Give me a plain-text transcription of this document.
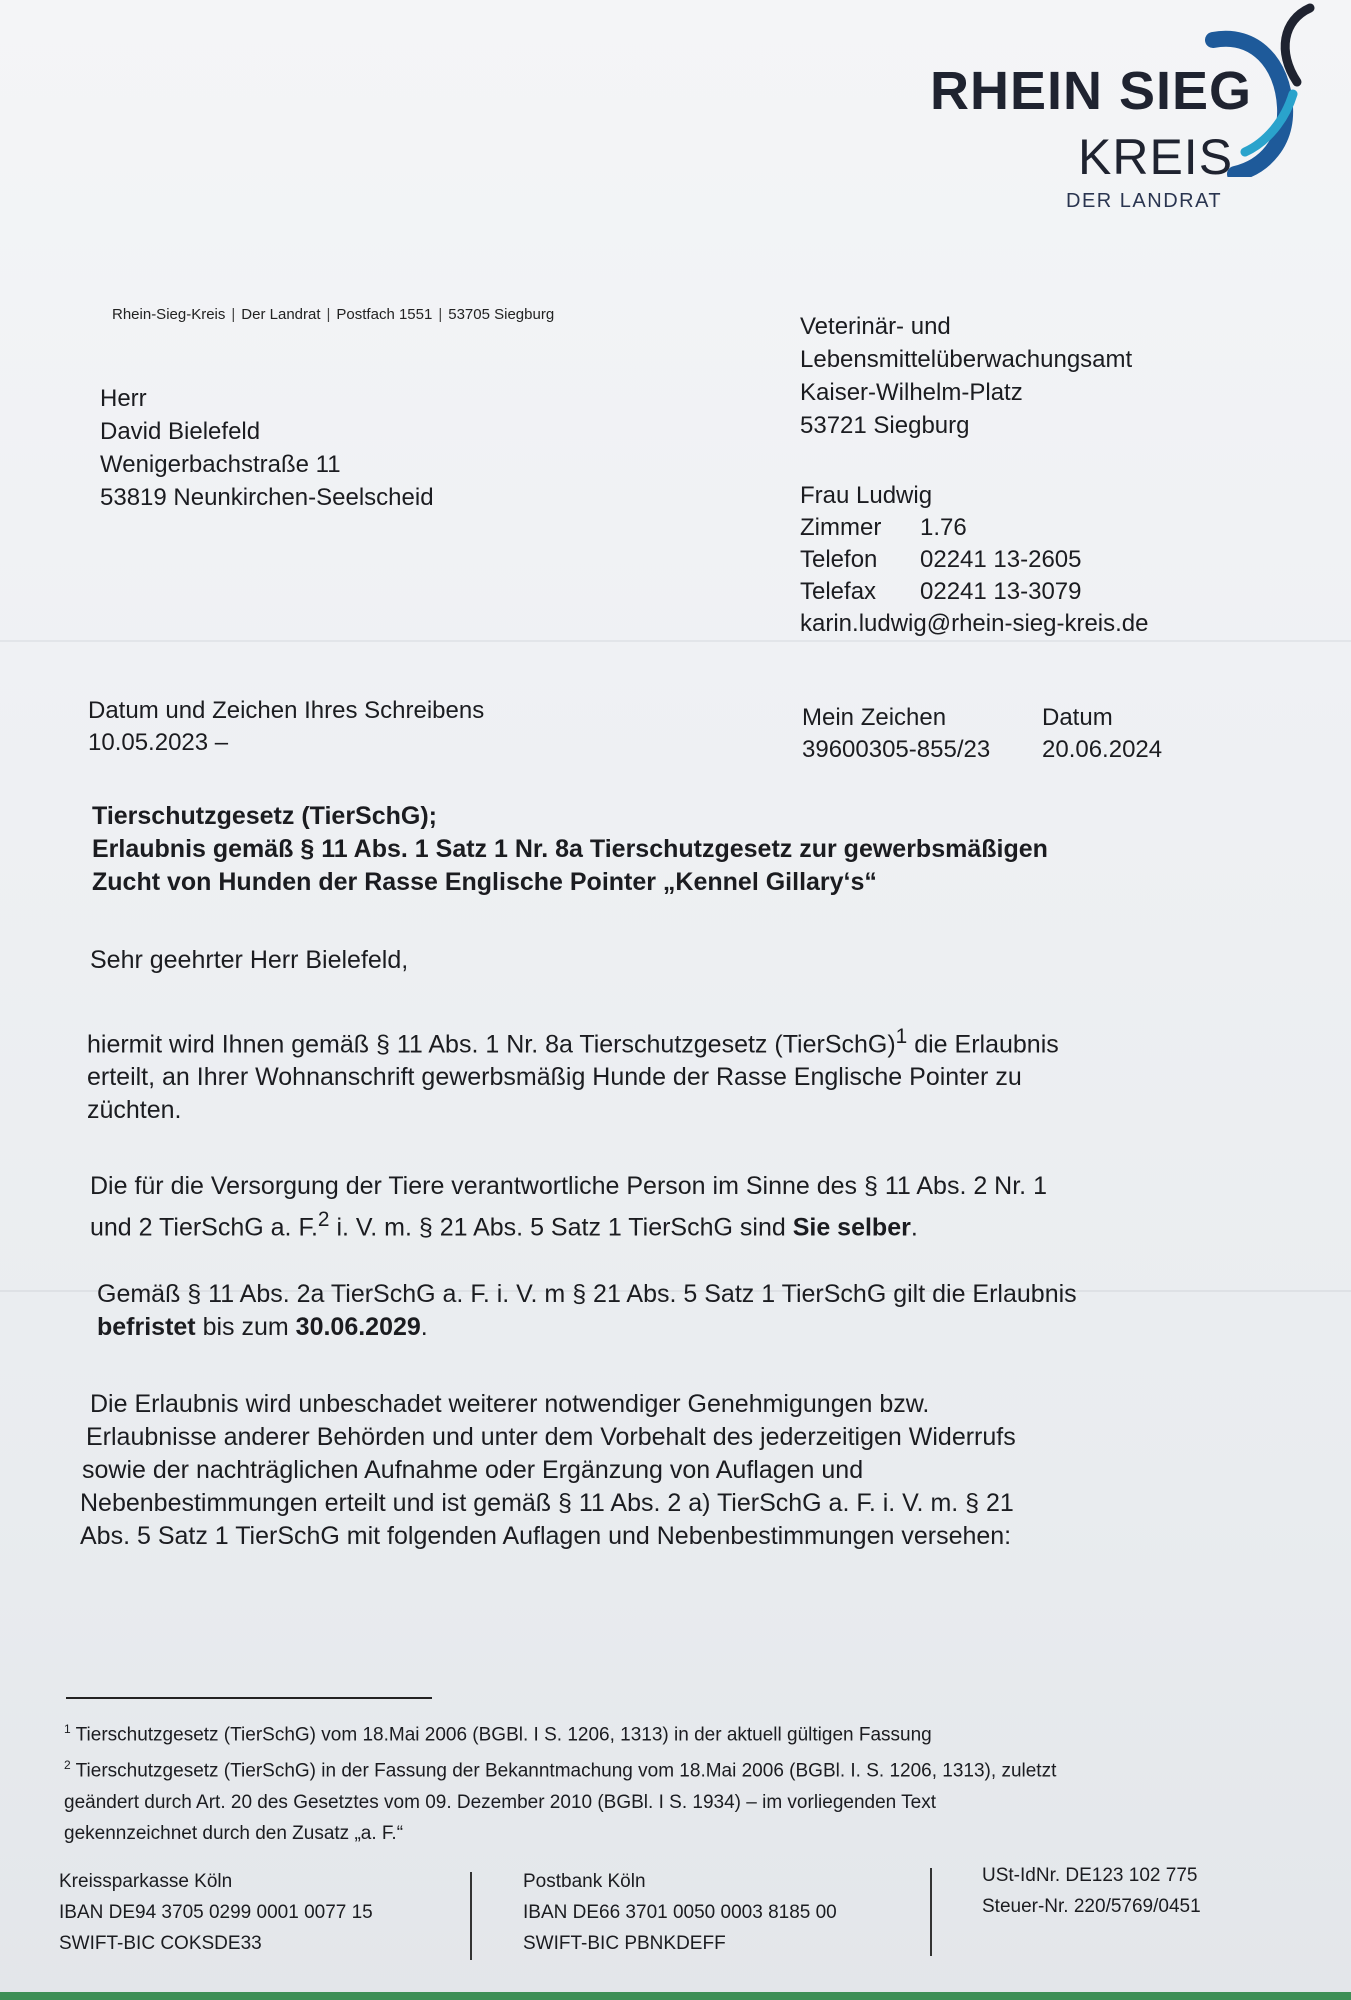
RHEIN SIEG
KREIS
DER LANDRAT
Rhein-Sieg-Kreis | Der Landrat | Postfach 1551 | 53705 Siegburg
Herr
David Bielefeld
Wenigerbachstraße 11
53819 Neunkirchen-Seelscheid
Veterinär- und
Lebensmittelüberwachungsamt
Kaiser-Wilhelm-Platz
53721 Siegburg
Frau Ludwig
Zimmer 1.76
Telefon 02241 13-2605
Telefax 02241 13-3079
karin.ludwig@rhein-sieg-kreis.de
Datum und Zeichen Ihres Schreibens
10.05.2023 –
Mein Zeichen
39600305-855/23
Datum
20.06.2024
Tierschutzgesetz (TierSchG);
Erlaubnis gemäß § 11 Abs. 1 Satz 1 Nr. 8a Tierschutzgesetz zur gewerbsmäßigen
Zucht von Hunden der Rasse Englische Pointer „Kennel Gillary‘s“
Sehr geehrter Herr Bielefeld,
hiermit wird Ihnen gemäß § 11 Abs. 1 Nr. 8a Tierschutzgesetz (TierSchG)$^1$ die Erlaubnis
erteilt, an Ihrer Wohnanschrift gewerbsmäßig Hunde der Rasse Englische Pointer zu
züchten.
Die für die Versorgung der Tiere verantwortliche Person im Sinne des § 11 Abs. 2 Nr. 1
und 2 TierSchG a. F.$^2$ i. V. m. § 21 Abs. 5 Satz 1 TierSchG sind Sie selber.
Gemäß § 11 Abs. 2a TierSchG a. F. i. V. m § 21 Abs. 5 Satz 1 TierSchG gilt die Erlaubnis
befristet bis zum 30.06.2029.
Die Erlaubnis wird unbeschadet weiterer notwendiger Genehmigungen bzw.
Erlaubnisse anderer Behörden und unter dem Vorbehalt des jederzeitigen Widerrufs
sowie der nachträglichen Aufnahme oder Ergänzung von Auflagen und
Nebenbestimmungen erteilt und ist gemäß § 11 Abs. 2 a) TierSchG a. F. i. V. m. § 21
Abs. 5 Satz 1 TierSchG mit folgenden Auflagen und Nebenbestimmungen versehen:
$^1$ Tierschutzgesetz (TierSchG) vom 18.Mai 2006 (BGBl. I S. 1206, 1313) in der aktuell gültigen Fassung
$^2$ Tierschutzgesetz (TierSchG) in der Fassung der Bekanntmachung vom 18.Mai 2006 (BGBl. I. S. 1206, 1313), zuletzt
geändert durch Art. 20 des Gesetztes vom 09. Dezember 2010 (BGBl. I S. 1934) – im vorliegenden Text
gekennzeichnet durch den Zusatz „a. F.“
Kreissparkasse Köln
IBAN DE94 3705 0299 0001 0077 15
SWIFT-BIC COKSDE33
Postbank Köln
IBAN DE66 3701 0050 0003 8185 00
SWIFT-BIC PBNKDEFF
USt-IdNr. DE123 102 775
Steuer-Nr. 220/5769/0451
